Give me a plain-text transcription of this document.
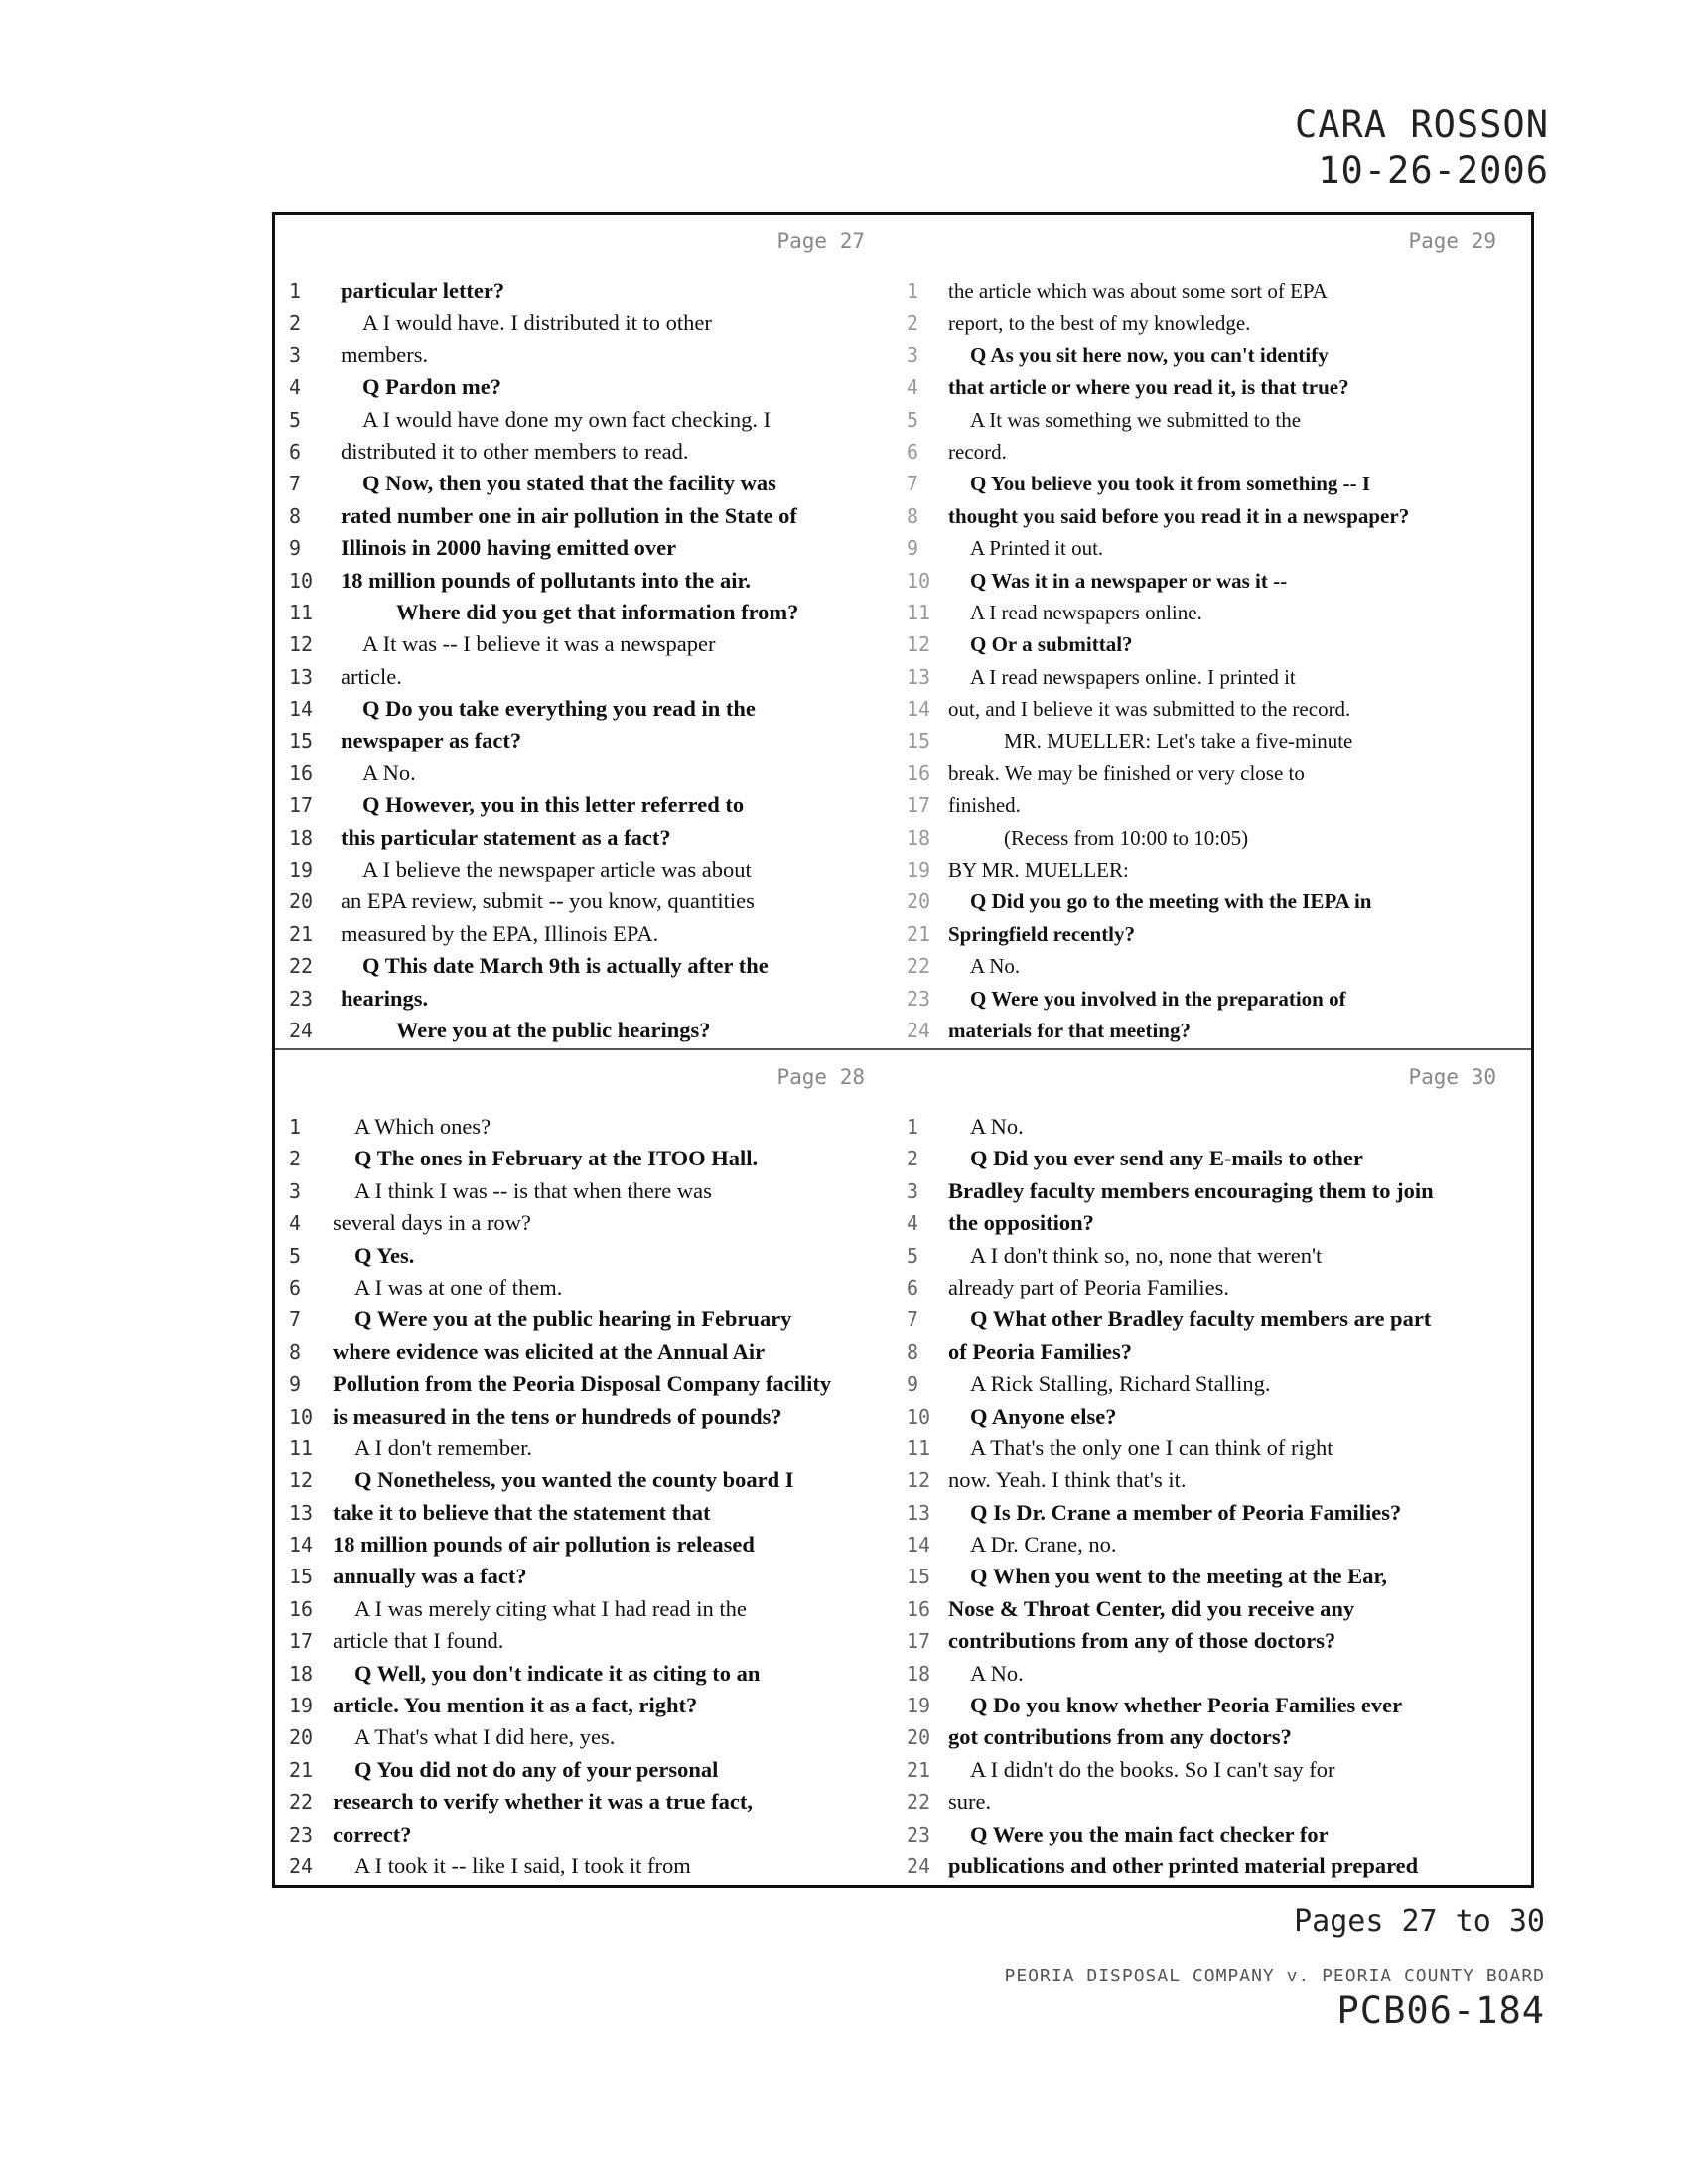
CARA ROSSON
10-26-2006
Page 27
1	particular letter?
2	A I would have. I distributed it to other
3	members.
4	Q Pardon me?
5	A I would have done my own fact checking. I
6	distributed it to other members to read.
7	Q Now, then you stated that the facility was
8	rated number one in air pollution in the State of
9	Illinois in 2000 having emitted over
10	18 million pounds of pollutants into the air.
11	Where did you get that information from?
12	A It was -- I believe it was a newspaper
13	article.
14	Q Do you take everything you read in the
15	newspaper as fact?
16	A No.
17	Q However, you in this letter referred to
18	this particular statement as a fact?
19	A I believe the newspaper article was about
20	an EPA review, submit -- you know, quantities
21	measured by the EPA, Illinois EPA.
22	Q This date March 9th is actually after the
23	hearings.
24	Were you at the public hearings?
Page 29
1	the article which was about some sort of EPA
2	report, to the best of my knowledge.
3	Q As you sit here now, you can't identify
4	that article or where you read it, is that true?
5	A It was something we submitted to the
6	record.
7	Q You believe you took it from something -- I
8	thought you said before you read it in a newspaper?
9	A Printed it out.
10	Q Was it in a newspaper or was it --
11	A I read newspapers online.
12	Q Or a submittal?
13	A I read newspapers online. I printed it
14 out, and I believe it was submitted to the record.
15	MR. MUELLER: Let's take a five-minute
16 break. We may be finished or very close to
17 finished.
18	(Recess from 10:00 to 10:05)
19 BY MR. MUELLER:
20	Q Did you go to the meeting with the IEPA in
21 Springfield recently?
22	A No.
23	Q Were you involved in the preparation of
24 materials for that meeting?
Page 28
1	A Which ones?
2	Q The ones in February at the ITOO Hall.
3	A I think I was -- is that when there was
4	several days in a row?
5	Q Yes.
6	A I was at one of them.
7	Q Were you at the public hearing in February
8	where evidence was elicited at the Annual Air
9	Pollution from the Peoria Disposal Company facility
10 is measured in the tens or hundreds of pounds?
11	A I don't remember.
12	Q Nonetheless, you wanted the county board I
13 take it to believe that the statement that
14 18 million pounds of air pollution is released
15 annually was a fact?
16	A I was merely citing what I had read in the
17 article that I found.
18	Q Well, you don't indicate it as citing to an
19 article. You mention it as a fact, right?
20	A That's what I did here, yes.
21	Q You did not do any of your personal
22 research to verify whether it was a true fact,
23 correct?
24	A I took it -- like I said, I took it from
Page 30
1	A No.
2	Q Did you ever send any E-mails to other
3	Bradley faculty members encouraging them to join
4	the opposition?
5	A I don't think so, no, none that weren't
6	already part of Peoria Families.
7	Q What other Bradley faculty members are part
8	of Peoria Families?
9	A Rick Stalling, Richard Stalling.
10	Q Anyone else?
11	A That's the only one I can think of right
12 now. Yeah. I think that's it.
13	Q Is Dr. Crane a member of Peoria Families?
14	A Dr. Crane, no.
15	Q When you went to the meeting at the Ear,
16 Nose & Throat Center, did you receive any
17 contributions from any of those doctors?
18	A No.
19	Q Do you know whether Peoria Families ever
20 got contributions from any doctors?
21	A I didn't do the books. So I can't say for
22 sure.
23	Q Were you the main fact checker for
24 publications and other printed material prepared
Pages 27 to 30
PEORIA DISPOSAL COMPANY v. PEORIA COUNTY BOARD
PCB06-184
